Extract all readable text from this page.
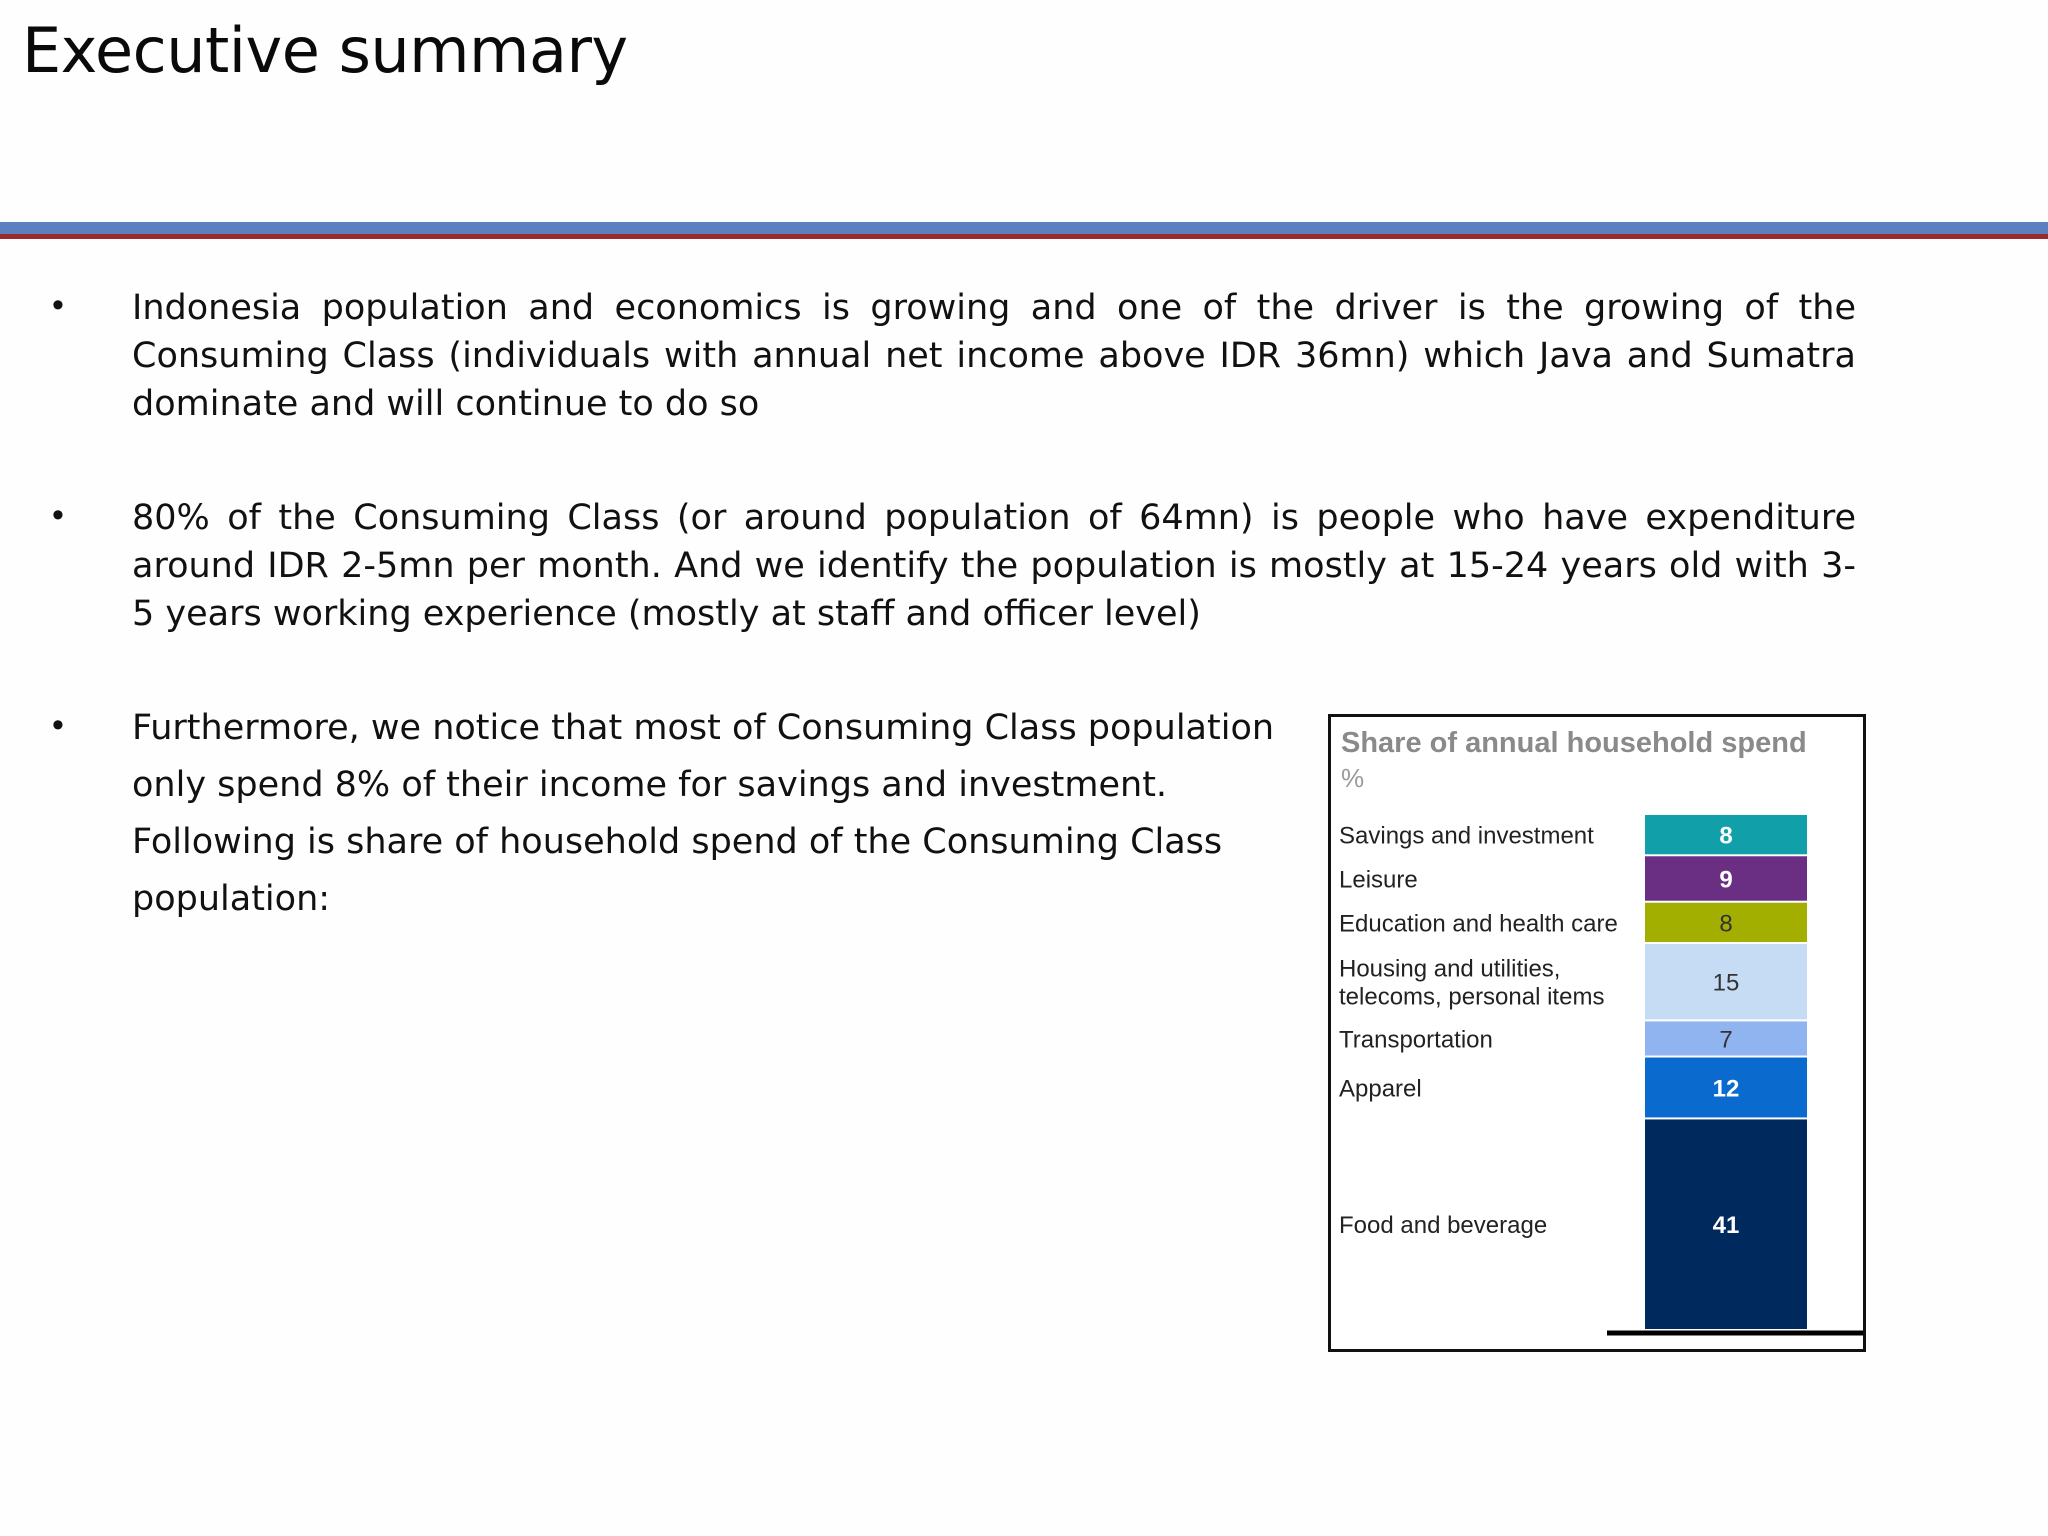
Executive summary
• Indonesia population and economics is growing and one of the driver is the growing of the Consuming Class (individuals with annual net income above IDR 36mn) which Java and Sumatra dominate and will continue to do so
• 80% of the Consuming Class (or around population of 64mn) is people who have expenditure around IDR 2-5mn per month. And we identify the population is mostly at 15-24 years old with 3-5 years working experience (mostly at staff and officer level)
• Furthermore, we notice that most of Consuming Class population only spend 8% of their income for savings and investment. Following is share of household spend of the Consuming Class population:
Share of annual household spend
%
8
Savings and investment
9
Leisure
8
Education and health care
15
Housing and utilities,
telecoms, personal items
7
Transportation
12
Apparel
41
Food and beverage
